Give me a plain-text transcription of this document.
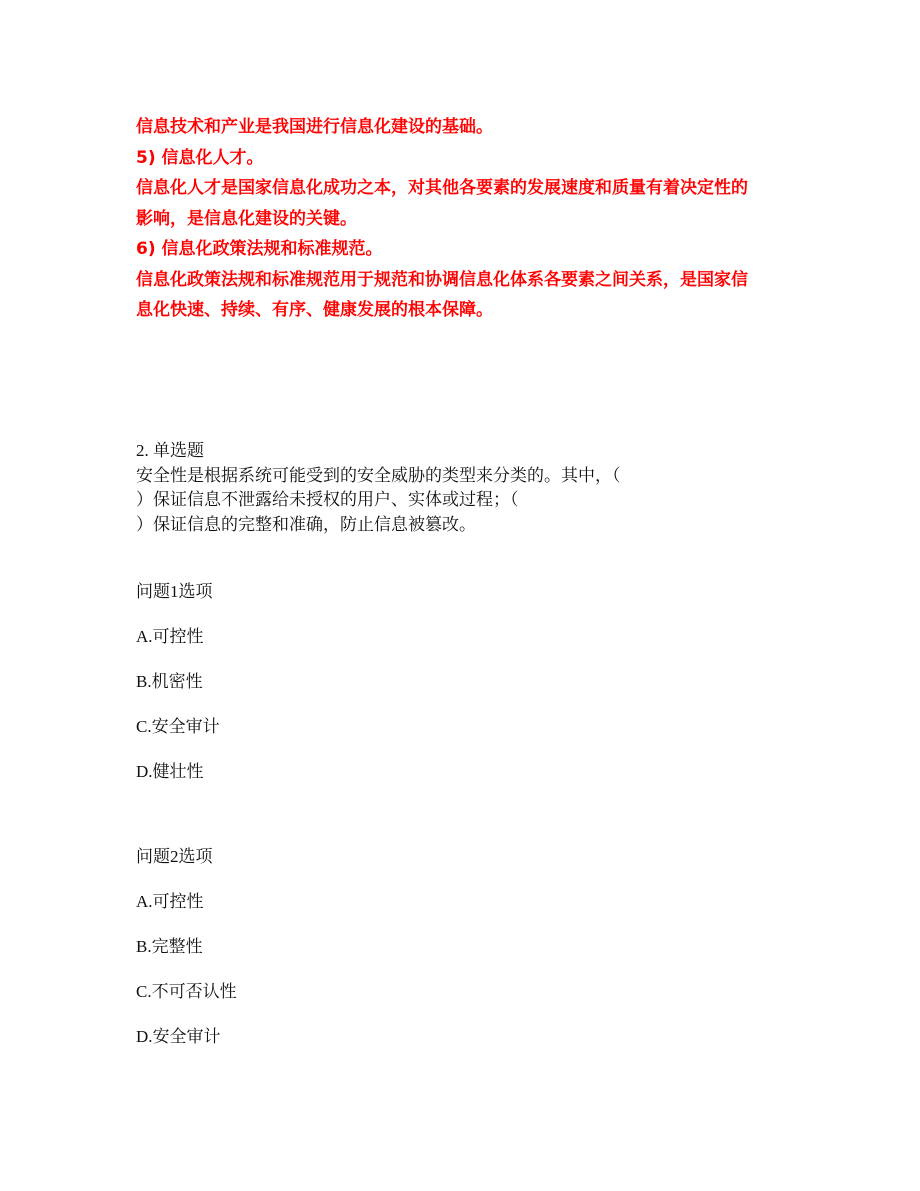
信息技术和产业是我国进行信息化建设的基础。

5) 信息化人才。

信息化人才是国家信息化成功之本，对其他各要素的发展速度和质量有着决定性的

影响，是信息化建设的关键。

6) 信息化政策法规和标准规范。

信息化政策法规和标准规范用于规范和协调信息化体系各要素之间关系，是国家信

息化快速、持续、有序、健康发展的根本保障。

2. 单选题

安全性是根据系统可能受到的安全威胁的类型来分类的。其中，（

）保证信息不泄露给未授权的用户、实体或过程；（

）保证信息的完整和准确，防止信息被篡改。

问题1选项
A.可控性
B.机密性
C.安全审计
D.健壮性
问题2选项
A.可控性
B.完整性
C.不可否认性
D.安全审计
